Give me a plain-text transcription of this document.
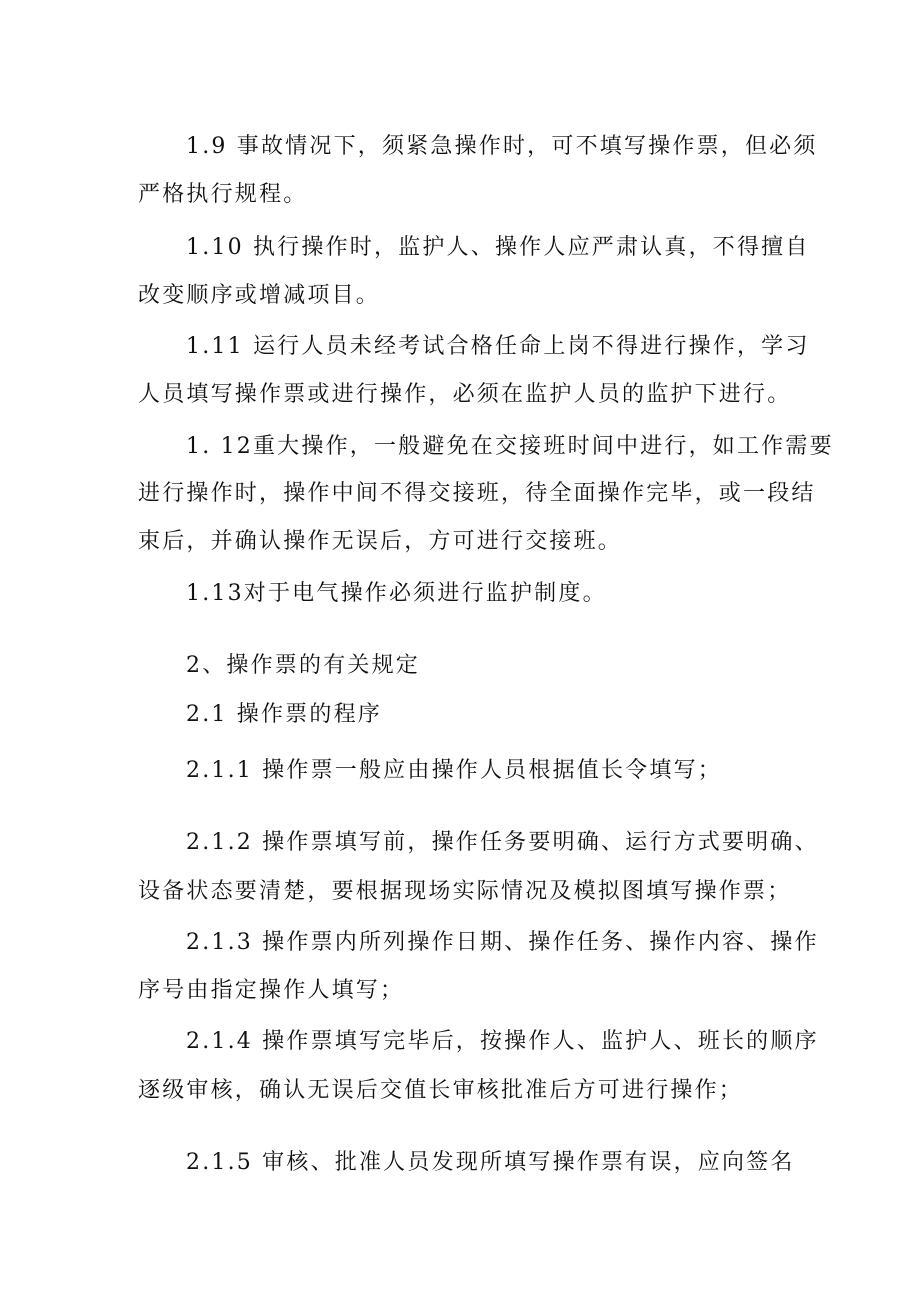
1.9 事故情况下，须紧急操作时，可不填写操作票，但必须
严格执行规程。
1.10 执行操作时，监护人、操作人应严肃认真，不得擅自
改变顺序或增减项目。
1.11 运行人员未经考试合格任命上岗不得进行操作，学习
人员填写操作票或进行操作，必须在监护人员的监护下进行。
1. 12重大操作，一般避免在交接班时间中进行，如工作需要
进行操作时，操作中间不得交接班，待全面操作完毕，或一段结
束后，并确认操作无误后，方可进行交接班。
1.13对于电气操作必须进行监护制度。
2、操作票的有关规定
2.1 操作票的程序
2.1.1 操作票一般应由操作人员根据值长令填写；
2.1.2 操作票填写前，操作任务要明确、运行方式要明确、
设备状态要清楚，要根据现场实际情况及模拟图填写操作票；
2.1.3 操作票内所列操作日期、操作任务、操作内容、操作
序号由指定操作人填写；
2.1.4 操作票填写完毕后，按操作人、监护人、班长的顺序
逐级审核，确认无误后交值长审核批准后方可进行操作；
2.1.5 审核、批准人员发现所填写操作票有误，应向签名
